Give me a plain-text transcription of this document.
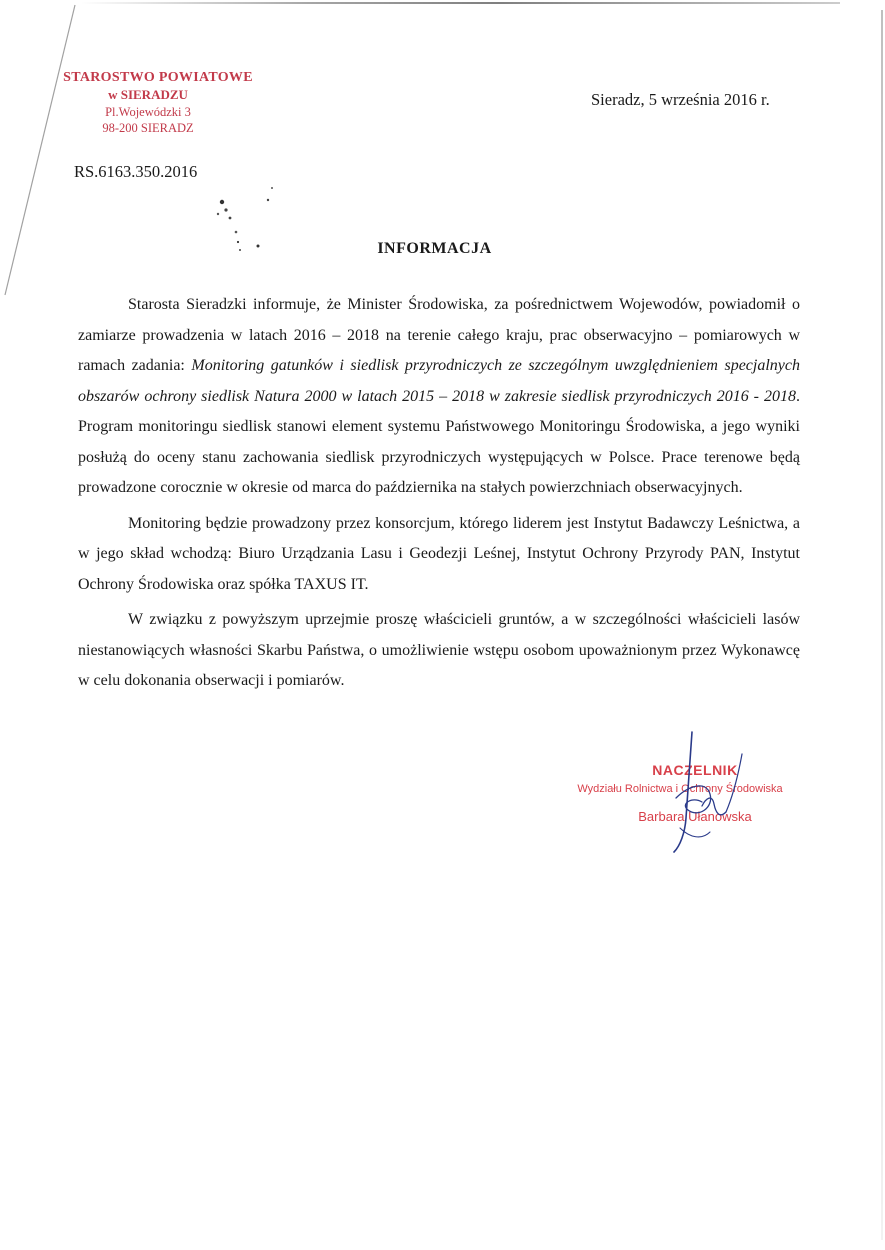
STAROSTWO POWIATOWE
w SIERADZU
Pl.Wojewódzki 3
98-200 SIERADZ
Sieradz, 5 września 2016 r.
RS.6163.350.2016
INFORMACJA

Starosta Sieradzki informuje, że Minister Środowiska, za pośrednictwem Wojewodów, powiadomił o zamiarze prowadzenia w latach 2016 – 2018 na terenie całego kraju, prac obserwacyjno – pomiarowych w ramach zadania: Monitoring gatunków i siedlisk przyrodniczych ze szczególnym uwzględnieniem specjalnych obszarów ochrony siedlisk Natura 2000 w latach 2015 – 2018 w zakresie siedlisk przyrodniczych 2016 - 2018. Program monitoringu siedlisk stanowi element systemu Państwowego Monitoringu Środowiska, a jego wyniki posłużą do oceny stanu zachowania siedlisk przyrodniczych występujących w Polsce. Prace terenowe będą prowadzone corocznie w okresie od marca do października na stałych powierzchniach obserwacyjnych.

Monitoring będzie prowadzony przez konsorcjum, którego liderem jest Instytut Badawczy Leśnictwa, a w jego skład wchodzą: Biuro Urządzania Lasu i Geodezji Leśnej, Instytut Ochrony Przyrody PAN, Instytut Ochrony Środowiska oraz spółka TAXUS IT.

W związku z powyższym uprzejmie proszę właścicieli gruntów, a w szczególności właścicieli lasów niestanowiących własności Skarbu Państwa, o umożliwienie wstępu osobom upoważnionym przez Wykonawcę w celu dokonania obserwacji i pomiarów.

NACZELNIK
Wydziału Rolnictwa i Ochrony Środowiska
Barbara Ułanowska
